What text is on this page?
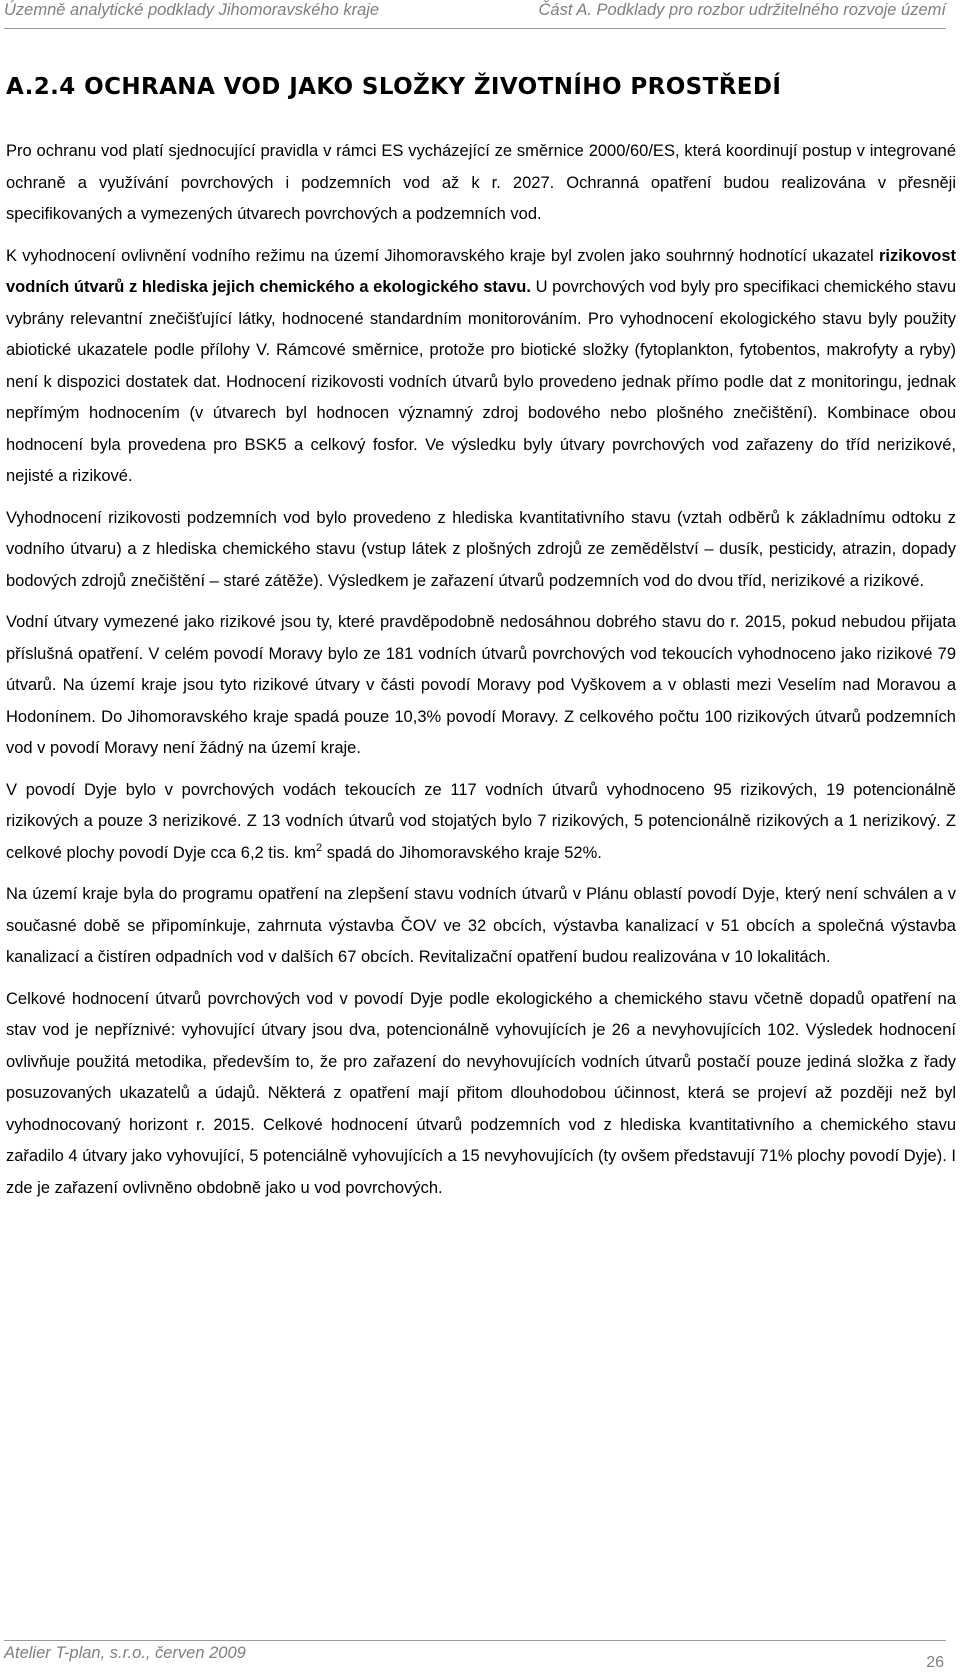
Územně analytické podklady Jihomoravského kraje	Část A. Podklady pro rozbor udržitelného rozvoje území
A.2.4 OCHRANA VOD JAKO SLOŽKY ŽIVOTNÍHO PROSTŘEDÍ

Pro ochranu vod platí sjednocující pravidla v rámci ES vycházející ze směrnice 2000/60/ES, která koordinují postup v integrované ochraně a využívání povrchových i podzemních vod až k r. 2027. Ochranná opatření budou realizována v přesněji specifikovaných a vymezených útvarech povrchových a podzemních vod.

K vyhodnocení ovlivnění vodního režimu na území Jihomoravského kraje byl zvolen jako souhrnný hodnotící ukazatel rizikovost vodních útvarů z hlediska jejich chemického a ekologického stavu. U povrchových vod byly pro specifikaci chemického stavu vybrány relevantní znečišťující látky, hodnocené standardním monitorováním. Pro vyhodnocení ekologického stavu byly použity abiotické ukazatele podle přílohy V. Rámcové směrnice, protože pro biotické složky (fytoplankton, fytobentos, makrofyty a ryby) není k dispozici dostatek dat. Hodnocení rizikovosti vodních útvarů bylo provedeno jednak přímo podle dat z monitoringu, jednak nepřímým hodnocením (v útvarech byl hodnocen významný zdroj bodového nebo plošného znečištění). Kombinace obou hodnocení byla provedena pro BSK5 a celkový fosfor. Ve výsledku byly útvary povrchových vod zařazeny do tříd nerizikové, nejisté a rizikové.

Vyhodnocení rizikovosti podzemních vod bylo provedeno z hlediska kvantitativního stavu (vztah odběrů k základnímu odtoku z vodního útvaru) a z hlediska chemického stavu (vstup látek z plošných zdrojů ze zemědělství – dusík, pesticidy, atrazin, dopady bodových zdrojů znečištění – staré zátěže). Výsledkem je zařazení útvarů podzemních vod do dvou tříd, nerizikové a rizikové.

Vodní útvary vymezené jako rizikové jsou ty, které pravděpodobně nedosáhnou dobrého stavu do r. 2015, pokud nebudou přijata příslušná opatření. V celém povodí Moravy bylo ze 181 vodních útvarů povrchových vod tekoucích vyhodnoceno jako rizikové 79 útvarů. Na území kraje jsou tyto rizikové útvary v části povodí Moravy pod Vyškovem a v oblasti mezi Veselím nad Moravou a Hodonínem. Do Jihomoravského kraje spadá pouze 10,3% povodí Moravy. Z celkového počtu 100 rizikových útvarů podzemních vod v povodí Moravy není žádný na území kraje.

V povodí Dyje bylo v povrchových vodách tekoucích ze 117 vodních útvarů vyhodnoceno 95 rizikových, 19 potencionálně rizikových a pouze 3 nerizikové. Z 13 vodních útvarů vod stojatých bylo 7 rizikových, 5 potencionálně rizikových a 1 nerizikový. Z celkové plochy povodí Dyje cca 6,2 tis. $km^2$ spadá do Jihomoravského kraje 52%.

Na území kraje byla do programu opatření na zlepšení stavu vodních útvarů v Plánu oblastí povodí Dyje, který není schválen a v současné době se připomínkuje, zahrnuta výstavba ČOV ve 32 obcích, výstavba kanalizací v 51 obcích a společná výstavba kanalizací a čistíren odpadních vod v dalších 67 obcích. Revitalizační opatření budou realizována v 10 lokalitách.

Celkové hodnocení útvarů povrchových vod v povodí Dyje podle ekologického a chemického stavu včetně dopadů opatření na stav vod je nepříznivé: vyhovující útvary jsou dva, potencionálně vyhovujících je 26 a nevyhovujících 102. Výsledek hodnocení ovlivňuje použitá metodika, především to, že pro zařazení do nevyhovujících vodních útvarů postačí pouze jediná složka z řady posuzovaných ukazatelů a údajů. Některá z opatření mají přitom dlouhodobou účinnost, která se projeví až později než byl vyhodnocovaný horizont r. 2015. Celkové hodnocení útvarů podzemních vod z hlediska kvantitativního a chemického stavu zařadilo 4 útvary jako vyhovující, 5 potenciálně vyhovujících a 15 nevyhovujících (ty ovšem představují 71% plochy povodí Dyje). I zde je zařazení ovlivněno obdobně jako u vod povrchových.

Atelier T-plan, s.r.o., červen 2009
26
